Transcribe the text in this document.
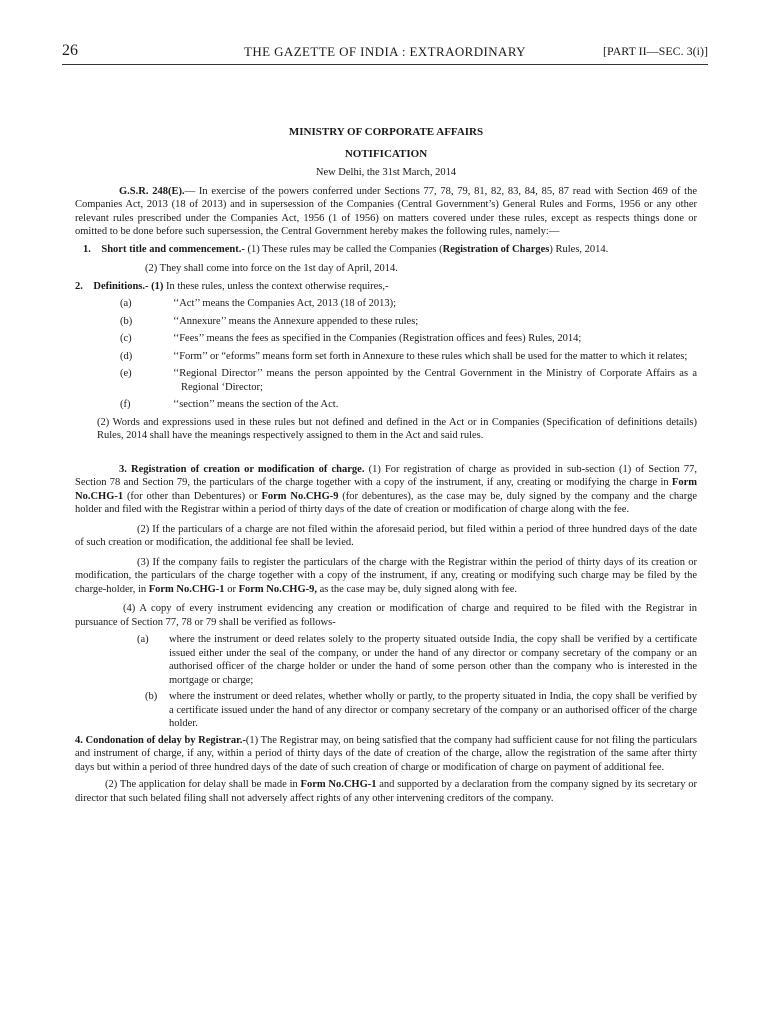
26	THE GAZETTE OF INDIA : EXTRAORDINARY	[PART II—SEC. 3(i)]
MINISTRY OF CORPORATE AFFAIRS
NOTIFICATION
New Delhi, the 31st March, 2014

G.S.R. 248(E).— In exercise of the powers conferred under Sections 77, 78, 79, 81, 82, 83, 84, 85, 87 read with Section 469 of the Companies Act, 2013 (18 of 2013) and in supersession of the Companies (Central Government’s) General Rules and Forms, 1956 or any other relevant rules prescribed under the Companies Act, 1956 (1 of 1956) on matters covered under these rules, except as respects things done or omitted to be done before such supersession, the Central Government hereby makes the following rules, namely:—

1. Short title and commencement.- (1) These rules may be called the Companies (Registration of Charges) Rules, 2014.

(2) They shall come into force on the 1st day of April, 2014.

2. Definitions.- (1) In these rules, unless the context otherwise requires,-

(a)	‘‘Act’’ means the Companies Act, 2013 (18 of 2013);
(b)	‘‘Annexure’’ means the Annexure appended to these rules;
(c)	‘‘Fees’’ means the fees as specified in the Companies (Registration offices and fees) Rules, 2014;
(d)	‘‘Form’’ or “eforms” means form set forth in Annexure to these rules which shall be used for the matter to which it relates;
(e)	‘‘Regional Director’’ means the person appointed by the Central Government in the Ministry of Corporate Affairs as a Regional ‘Director;
(f)	‘‘section’’ means the section of the Act.

(2) Words and expressions used in these rules but not defined and defined in the Act or in Companies (Specification of definitions details) Rules, 2014 shall have the meanings respectively assigned to them in the Act and said rules.

3. Registration of creation or modification of charge. (1) For registration of charge as provided in sub-section (1) of Section 77, Section 78 and Section 79, the particulars of the charge together with a copy of the instrument, if any, creating or modifying the charge in Form No.CHG-1 (for other than Debentures) or Form No.CHG-9 (for debentures), as the case may be, duly signed by the company and the charge holder and filed with the Registrar within a period of thirty days of the date of creation or modification of charge along with the fee.

(2) If the particulars of a charge are not filed within the aforesaid period, but filed within a period of three hundred days of the date of such creation or modification, the additional fee shall be levied.

(3) If the company fails to register the particulars of the charge with the Registrar within the period of thirty days of its creation or modification, the particulars of the charge together with a copy of the instrument, if any, creating or modifying such charge may be filed by the charge-holder, in Form No.CHG-1 or Form No.CHG-9, as the case may be, duly signed along with fee.

(4) A copy of every instrument evidencing any creation or modification of charge and required to be filed with the Registrar in pursuance of Section 77, 78 or 79 shall be verified as follows-

(a) where the instrument or deed relates solely to the property situated outside India, the copy shall be verified by a certificate issued either under the seal of the company, or under the hand of any director or company secretary of the company or an authorised officer of the charge holder or under the hand of some person other than the company who is interested in the mortgage or charge;
(b) where the instrument or deed relates, whether wholly or partly, to the property situated in India, the copy shall be verified by a certificate issued under the hand of any director or company secretary of the company or an authorised officer of the charge holder.

4. Condonation of delay by Registrar.-(1) The Registrar may, on being satisfied that the company had sufficient cause for not filing the particulars and instrument of charge, if any, within a period of thirty days of the date of creation of the charge, allow the registration of the same after thirty days but within a period of three hundred days of the date of such creation of charge or modification of charge on payment of additional fee.

(2) The application for delay shall be made in Form No.CHG-1 and supported by a declaration from the company signed by its secretary or director that such belated filing shall not adversely affect rights of any other intervening creditors of the company.
